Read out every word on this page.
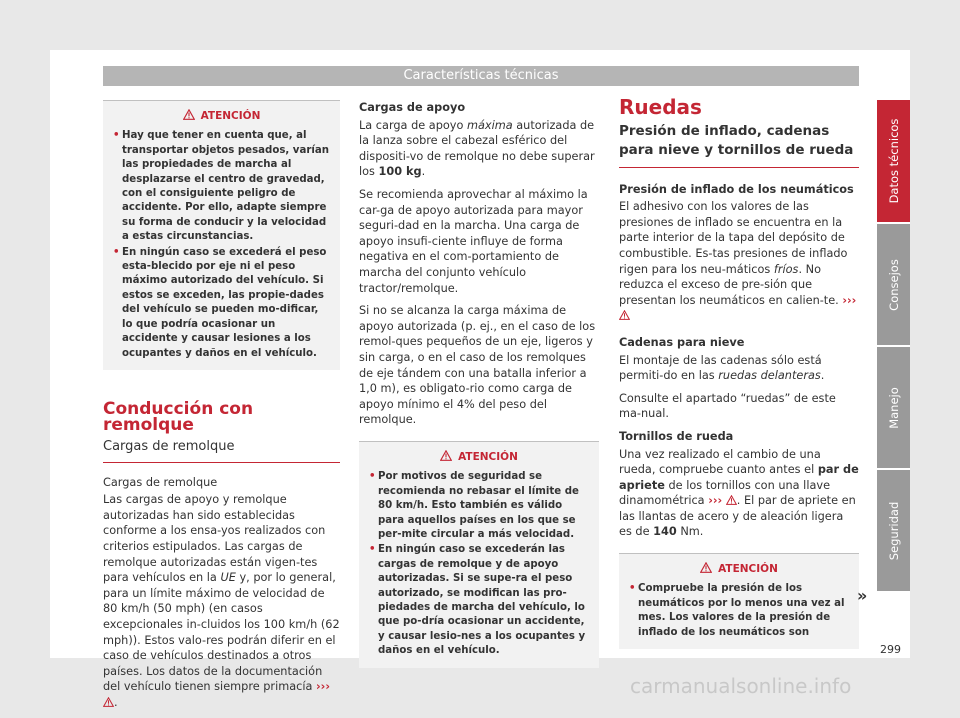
Características técnicas
ATENCIÓN
• Hay que tener en cuenta que, al transportar objetos pesados, varían las propiedades de marcha al desplazarse el centro de gravedad, con el consiguiente peligro de accidente. Por ello, adapte siempre su forma de conducir y la velocidad a estas circunstancias.
• En ningún caso se excederá el peso esta-blecido por eje ni el peso máximo autorizado del vehículo. Si estos se exceden, las propie-dades del vehículo se pueden mo-dificar, lo que podría ocasionar un accidente y causar lesiones a los ocupantes y daños en el vehículo.
Conducción con remolque
Cargas de remolque

Cargas de remolque

Las cargas de apoyo y remolque autorizadas han sido establecidas conforme a los ensa-yos realizados con criterios estipulados. Las cargas de remolque autorizadas están vigen-tes para vehículos en la UE y, por lo general, para un límite máximo de velocidad de 80 km/h (50 mph) (en casos excepcionales in-cluidos los 100 km/h (62 mph)). Estos valo-res podrán diferir en el caso de vehículos destinados a otros países. Los datos de la documentación del vehículo tienen siempre primacía ››› .

Cargas de apoyo

La carga de apoyo máxima autorizada de la lanza sobre el cabezal esférico del dispositi-vo de remolque no debe superar los 100 kg.

Se recomienda aprovechar al máximo la car-ga de apoyo autorizada para mayor seguri-dad en la marcha. Una carga de apoyo insufi-ciente influye de forma negativa en el com-portamiento de marcha del conjunto vehículo tractor/remolque.

Si no se alcanza la carga máxima de apoyo autorizada (p. ej., en el caso de los remol-ques pequeños de un eje, ligeros y sin carga, o en el caso de los remolques de eje tándem con una batalla inferior a 1,0 m), es obligato-rio como carga de apoyo mínimo el 4% del peso del remolque.

ATENCIÓN
• Por motivos de seguridad se recomienda no rebasar el límite de 80 km/h. Esto también es válido para aquellos países en los que se per-mite circular a más velocidad.
• En ningún caso se excederán las cargas de remolque y de apoyo autorizadas. Si se supe-ra el peso autorizado, se modifican las pro-piedades de marcha del vehículo, lo que po-dría ocasionar un accidente, y causar lesio-nes a los ocupantes y daños en el vehículo.
Ruedas
Presión de inflado, cadenas para nieve y tornillos de rueda

Presión de inflado de los neumáticos

El adhesivo con los valores de las presiones de inflado se encuentra en la parte interior de la tapa del depósito de combustible. Es-tas presiones de inflado rigen para los neu-máticos fríos. No reduzca el exceso de pre-sión que presentan los neumáticos en calien-te. ›››

Cadenas para nieve

El montaje de las cadenas sólo está permiti-do en las ruedas delanteras.

Consulte el apartado “ruedas” de este ma-nual.

Tornillos de rueda

Una vez realizado el cambio de una rueda, compruebe cuanto antes el par de apriete de los tornillos con una llave dinamométrica ››› . El par de apriete en las llantas de acero y de aleación ligera es de 140 Nm.

ATENCIÓN
• Compruebe la presión de los neumáticos por lo menos una vez al mes. Los valores de la presión de inflado de los neumáticos son
»
Datos técnicos
Consejos
Manejo
Seguridad
299
carmanualsonline.info
